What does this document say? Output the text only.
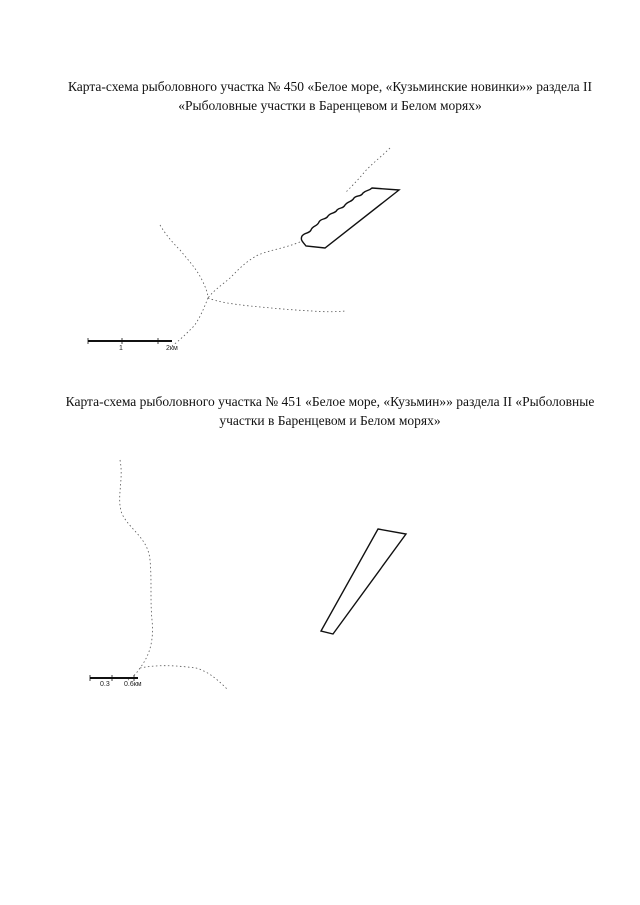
Карта-схема рыболовного участка № 450 «Белое море, «Кузьминские новинки»» раздела II «Рыболовные участки в Баренцевом и Белом морях»

1	2км

Карта-схема рыболовного участка № 451 «Белое море, «Кузьмин»» раздела II «Рыболовные участки в Баренцевом и Белом морях»

0.3 0.6км
